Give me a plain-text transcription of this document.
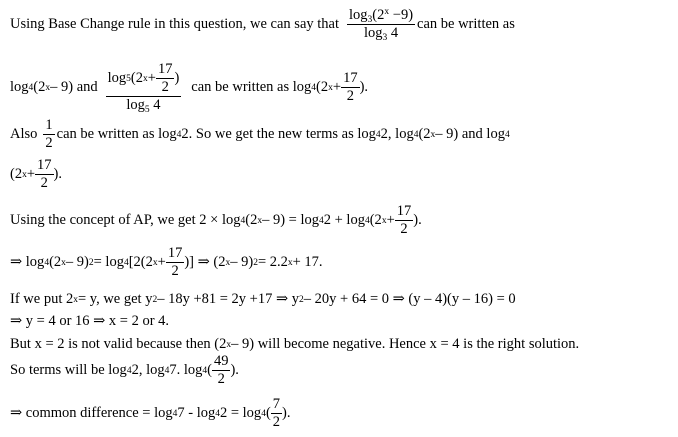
Using Base Change rule in this question, we can say that $\frac{\log_3(2^x -9)}{\log_3 4}$ can be written as
log 4 (2 x – 9) and $\frac{\log 5 (2 x + \frac{17}{2} )}{\log_5 4}$ can be written as log 4 (2 $x + \frac{17}{2}$ ).
Also $\frac{1}{2}$ can be written as log 4 2. So we get the new terms as log 4 2, log 4 (2 x – 9) and log 4
(2 $x + \frac{17}{2}$ ).
Using the concept of AP, we get 2 × log 4 (2 x – 9) = log 4 2 + log 4 (2 $x + \frac{17}{2}$ ).
⇒ log 4 (2 x – 9) 2 = log 4 [2(2 $x + \frac{17}{2}$ )] ⇒ (2 x – 9) 2 = 2.2 x + 17.
If we put 2 x = y, we get y 2 – 18y +81 = 2y +17 ⇒ y 2 – 20y + 64 = 0 ⇒ (y – 4)(y – 16) = 0
⇒ y = 4 or 16 ⇒ x = 2 or 4.
But x = 2 is not valid because then (2 x – 9) will become negative. Hence x = 4 is the right solution.
So terms will be log 4 2, log 4 7. log 4 ( $\frac{49}{2}$ ).
⇒ common difference = log 4 7 - log 4 2 = log 4 ( $\frac{7}{2}$ ).
